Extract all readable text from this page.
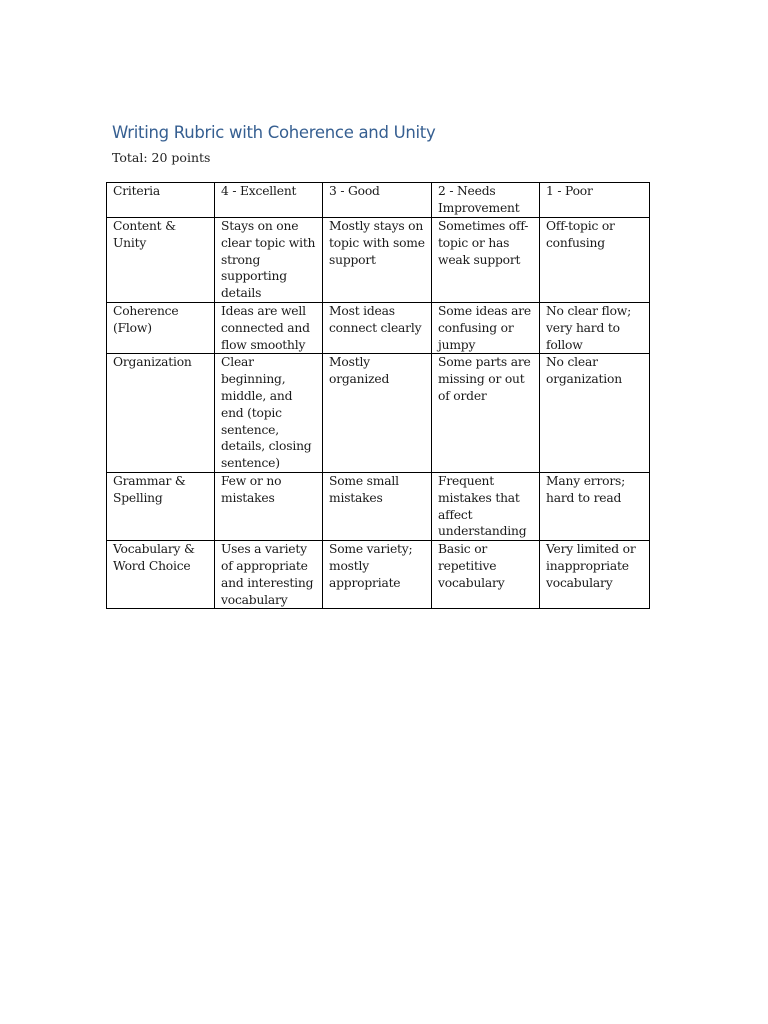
Writing Rubric with Coherence and Unity

Total: 20 points

Criteria	4 - Excellent	3 - Good	2 - Needs Improvement	1 - Poor
Content & Unity	Stays on one clear topic with strong supporting details	Mostly stays on topic with some support	Sometimes off-topic or has weak support	Off-topic or confusing
Coherence (Flow)	Ideas are well connected and flow smoothly	Most ideas connect clearly	Some ideas are confusing or jumpy	No clear flow; very hard to follow
Organization	Clear beginning, middle, and end (topic sentence, details, closing sentence)	Mostly organized	Some parts are missing or out of order	No clear organization
Grammar & Spelling	Few or no mistakes	Some small mistakes	Frequent mistakes that affect understanding	Many errors; hard to read
Vocabulary & Word Choice	Uses a variety of appropriate and interesting vocabulary	Some variety; mostly appropriate	Basic or repetitive vocabulary	Very limited or inappropriate vocabulary
